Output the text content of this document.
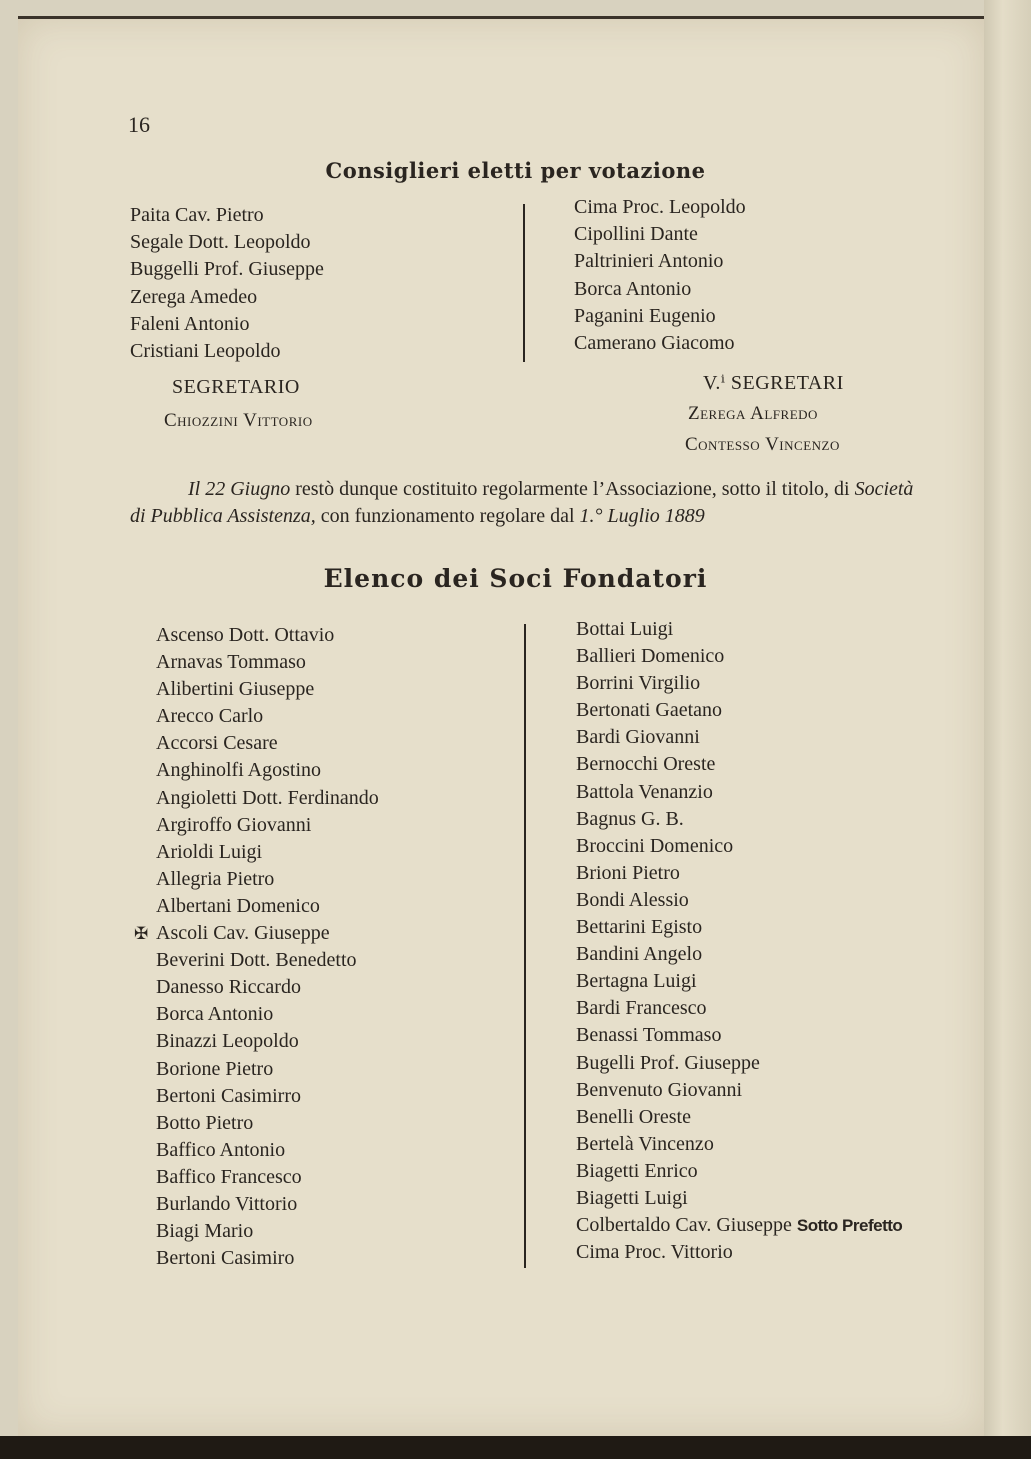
16
Consiglieri eletti per votazione
Paita Cav. Pietro
Segale Dott. Leopoldo
Buggelli Prof. Giuseppe
Zerega Amedeo
Faleni Antonio
Cristiani Leopoldo
Cima Proc. Leopoldo
Cipollini Dante
Paltrinieri Antonio
Borca Antonio
Paganini Eugenio
Camerano Giacomo
SEGRETARIO
Chiozzini Vittorio
V.ⁱ SEGRETARI
Zerega Alfredo
Contesso Vincenzo
Il 22 Giugno restò dunque costituito regolarmente l’Associazione, sotto il titolo, di Società di Pubblica Assistenza, con funzionamento regolare dal 1.° Luglio 1889
Elenco dei Soci Fondatori
Ascenso Dott. Ottavio
Arnavas Tommaso
Alibertini Giuseppe
Arecco Carlo
Accorsi Cesare
Anghinolfi Agostino
Angioletti Dott. Ferdinando
Argiroffo Giovanni
Arioldi Luigi
Allegria Pietro
Albertani Domenico
✠ Ascoli Cav. Giuseppe
Beverini Dott. Benedetto
Danesso Riccardo
Borca Antonio
Binazzi Leopoldo
Borione Pietro
Bertoni Casimirro
Botto Pietro
Baffico Antonio
Baffico Francesco
Burlando Vittorio
Biagi Mario
Bertoni Casimiro
Bottai Luigi
Ballieri Domenico
Borrini Virgilio
Bertonati Gaetano
Bardi Giovanni
Bernocchi Oreste
Battola Venanzio
Bagnus G. B.
Broccini Domenico
Brioni Pietro
Bondi Alessio
Bettarini Egisto
Bandini Angelo
Bertagna Luigi
Bardi Francesco
Benassi Tommaso
Bugelli Prof. Giuseppe
Benvenuto Giovanni
Benelli Oreste
Bertelà Vincenzo
Biagetti Enrico
Biagetti Luigi
Colbertaldo Cav. Giuseppe Sotto Prefetto
Cima Proc. Vittorio
